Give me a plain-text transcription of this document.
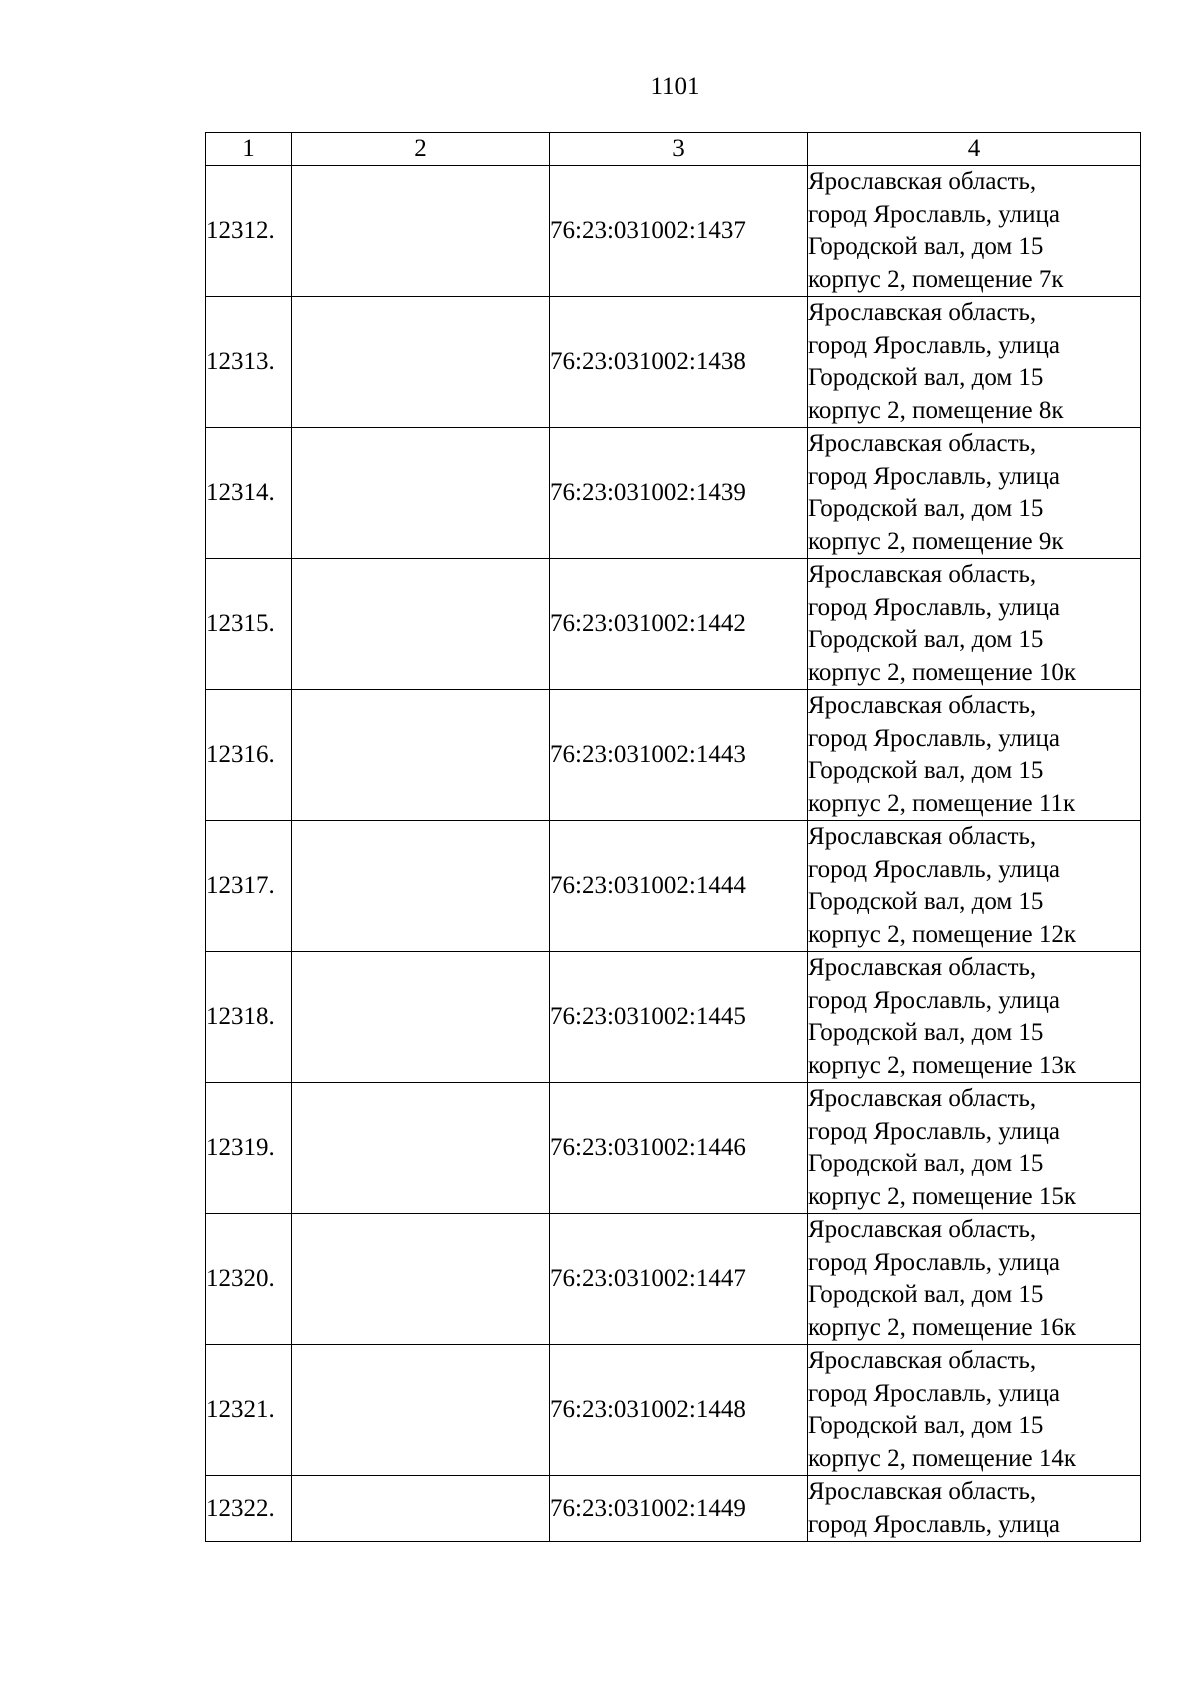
1101
1	2	3	4
12312.		76:23:031002:1437	Ярославская область,
город Ярославль, улица
Городской вал, дом 15
корпус 2, помещение 7к

12313.		76:23:031002:1438	Ярославская область,
город Ярославль, улица
Городской вал, дом 15
корпус 2, помещение 8к

12314.		76:23:031002:1439	Ярославская область,
город Ярославль, улица
Городской вал, дом 15
корпус 2, помещение 9к

12315.		76:23:031002:1442	Ярославская область,
город Ярославль, улица
Городской вал, дом 15
корпус 2, помещение 10к

12316.		76:23:031002:1443	Ярославская область,
город Ярославль, улица
Городской вал, дом 15
корпус 2, помещение 11к

12317.		76:23:031002:1444	Ярославская область,
город Ярославль, улица
Городской вал, дом 15
корпус 2, помещение 12к

12318.		76:23:031002:1445	Ярославская область,
город Ярославль, улица
Городской вал, дом 15
корпус 2, помещение 13к

12319.		76:23:031002:1446	Ярославская область,
город Ярославль, улица
Городской вал, дом 15
корпус 2, помещение 15к

12320.		76:23:031002:1447	Ярославская область,
город Ярославль, улица
Городской вал, дом 15
корпус 2, помещение 16к

12321.		76:23:031002:1448	Ярославская область,
город Ярославль, улица
Городской вал, дом 15
корпус 2, помещение 14к

12322.		76:23:031002:1449	Ярославская область,
город Ярославль, улица
